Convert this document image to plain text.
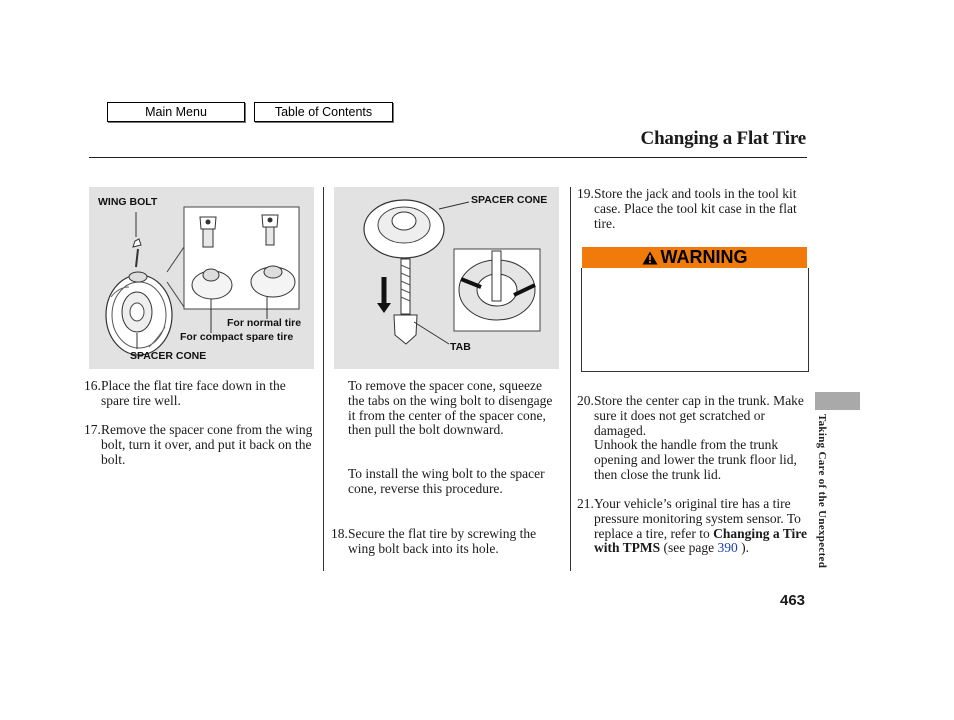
Main Menu	Table of Contents
Changing a Flat Tire
WING BOLT
For normal tire
For compact spare tire
SPACER CONE
SPACER CONE
TAB
16. Place the flat tire face down in the spare tire well.
17. Remove the spacer cone from the wing bolt, turn it over, and put it back on the bolt.
To remove the spacer cone, squeeze the tabs on the wing bolt to disengage it from the center of the spacer cone, then pull the bolt downward.
To install the wing bolt to the spacer cone, reverse this procedure.
18. Secure the flat tire by screwing the wing bolt back into its hole.
19. Store the jack and tools in the tool kit case. Place the tool kit case in the flat tire.
WARNING
20. Store the center cap in the trunk. Make sure it does not get scratched or damaged.
Unhook the handle from the trunk opening and lower the trunk floor lid, then close the trunk lid.
21. Your vehicle’s original tire has a tire pressure monitoring system sensor. To replace a tire, refer to Changing a Tire with TPMS (see page 390 ).	Taking Care of the Unexpected
463
